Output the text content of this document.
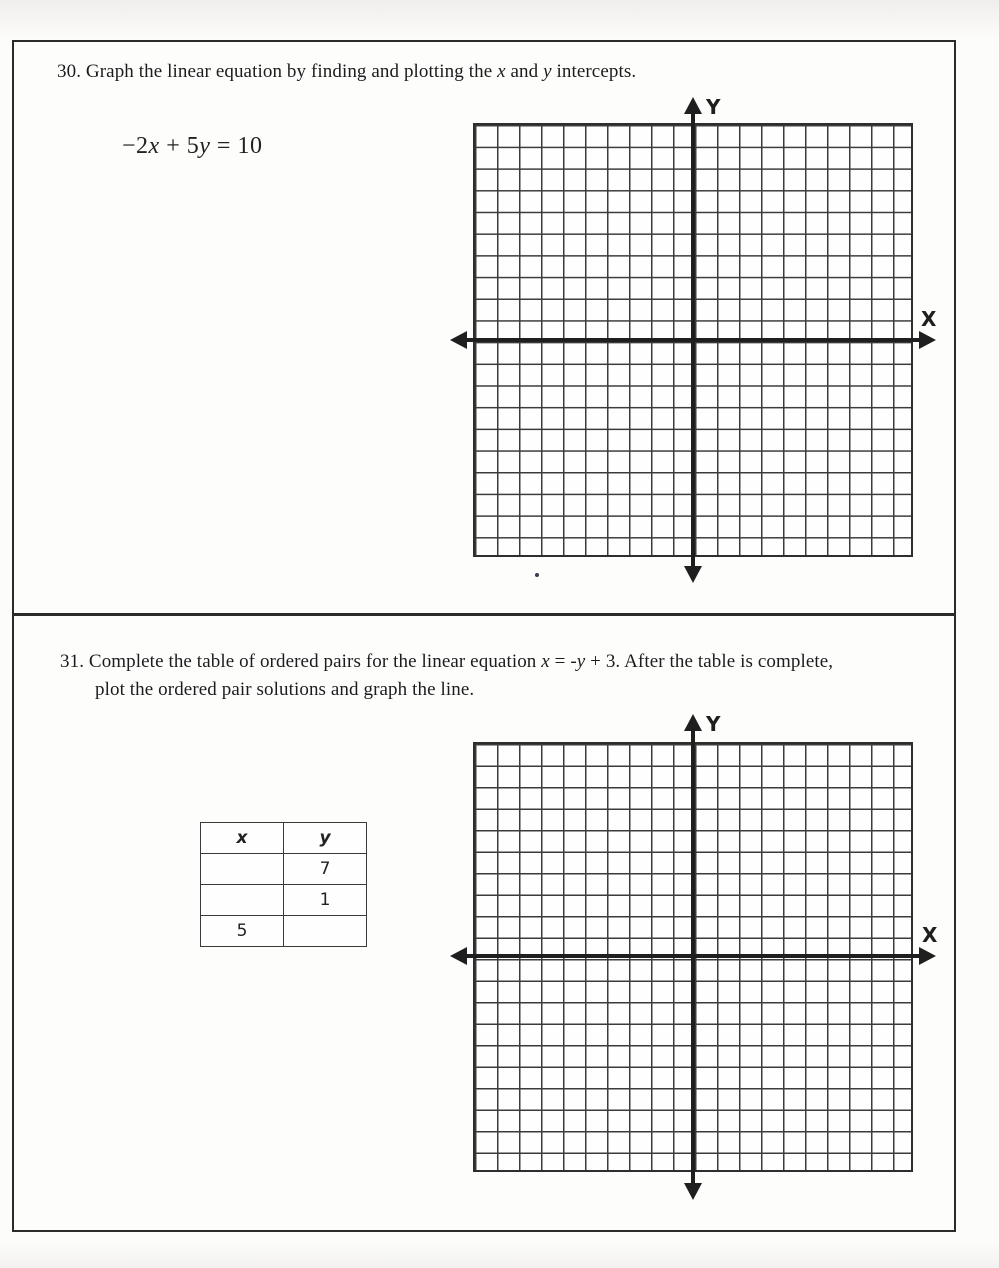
30. Graph the linear equation by finding and plotting the x and y intercepts.
−2x + 5y = 10
Y
X
31. Complete the table of ordered pairs for the linear equation x = -y + 3. After the table is complete,
plot the ordered pair solutions and graph the line.
x	y
	7
	1
5	
Y
X
